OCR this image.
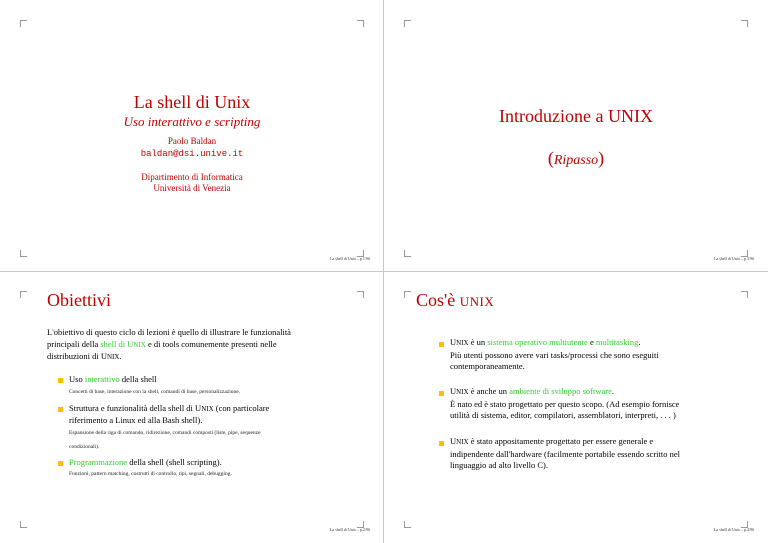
La shell di Unix
Uso interattivo e scripting
Paolo Baldan
baldan@dsi.unive.it
Dipartimento di Informatica
Università di Venezia
La shell di Unix – p.1/96
Introduzione a UNIX
(Ripasso)
La shell di Unix – p.3/96
Obiettivi
L'obiettivo di questo ciclo di lezioni è quello di illustrare le funzionalità
principali della shell di UNIX e di tools comunemente presenti nelle
distribuzioni di UNIX.
Uso interattivo della shell
Concetti di base, interazione con la shell, comandi di base, personalizzazione.
Struttura e funzionalità della shell di UNIX (con particolare
riferimento a Linux ed alla Bash shell).
Espansione della riga di comando, ridirezione, comandi composti (liste, pipe, sequenze
condizionali).
Programmazione della shell (shell scripting).
Funzioni, pattern matching, costrutti di controllo, tipi, segnali, debugging.
La shell di Unix – p.2/96
Cos'è UNIX
UNIX è un sistema operativo multiutente e multitasking.
Più utenti possono avere vari tasks/processi che sono eseguiti
contemporaneamente.
UNIX è anche un ambiente di sviluppo software.
È nato ed è stato progettato per questo scopo. (Ad esempio fornisce
utilità di sistema, editor, compilatori, assemblatori, interpreti, . . . )
UNIX è stato appositamente progettato per essere generale e
indipendente dall'hardware (facilmente portabile essendo scritto nel
linguaggio ad alto livello C).
La shell di Unix – p.4/96
